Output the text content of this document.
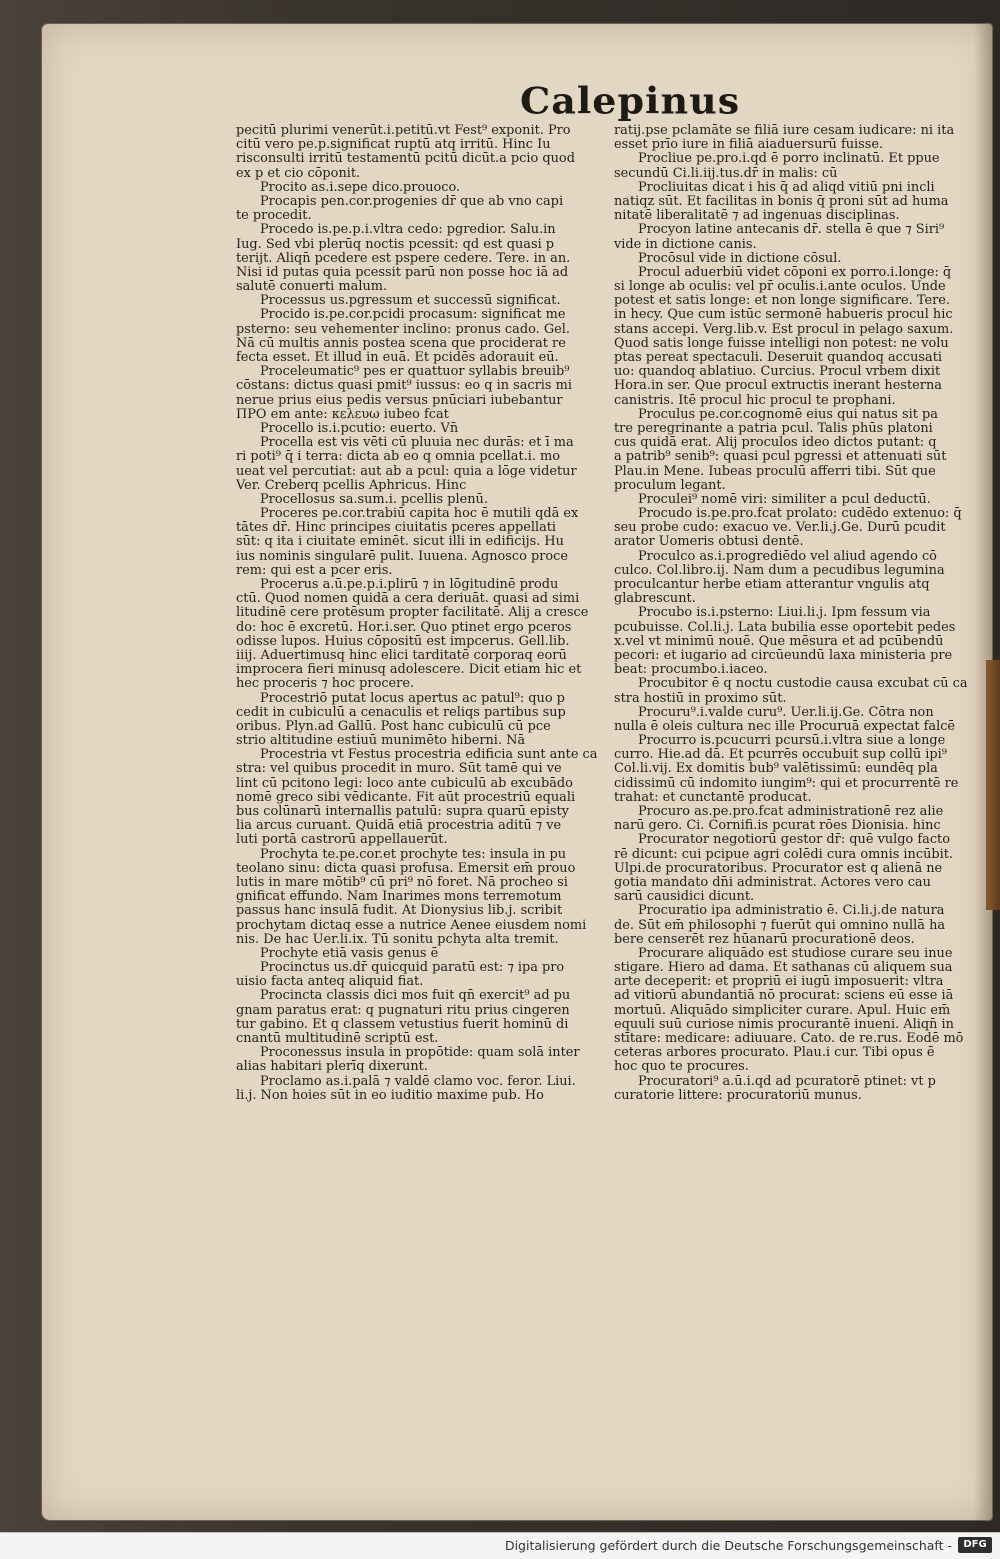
Calepinus
pecitū plurimi venerūt.i.petitū.vt Fest⁹ exponit. Pro
citū vero pe.p.significat ruptū atq irritū. Hinc Iu
risconsulti irritū testamentū pcitū dicūt.a pcio quod
ex p et cio cōponit.
Procito as.i.sepe dico.prouoco.
Procapis pen.cor.progenies dr̄ que ab vno capi
te procedit.
Procedo is.pe.p.i.vltra cedo: pgredior. Salu.in
Iug. Sed vbi plerūq noctis pcessit: qd̄ est quasi p
terijt. Aliqn̄ pcedere est pspere cedere. Tere. in an.
Nisi id putas quia pcessit parū non posse hoc iā ad
salutē conuerti malum.
Processus us.pgressum et successū significat.
Procido is.pe.cor.pcidi procasum: significat me
psterno: seu vehementer inclino: pronus cado. Gel.
Nā cū multis annis postea scena que prociderat re
fecta esset. Et illud in euā. Et pcidēs adorauit eū.
Proceleumatic⁹ pes er quattuor syllabis breuib⁹
cōstans: dictus quasi pmit⁹ iussus: eo q in sacris mi
nerue prius eius pedis versus pnūciari iubebantur
ΠΡΟ em ante: κελευω iubeo fcat
Procello is.i.pcutio: euerto. Vn̄
Procella est vis vēti cū pluuia nec durās: et ī ma
ri poti⁹ q̄ i terra: dicta ab eo q omnia pcellat.i. mo
ueat vel percutiat: aut ab a pcul: quia a lōge videtur
Ver. Creberq pcellis Aphricus. Hinc
Procellosus sa.sum.i. pcellis plenū.
Proceres pe.cor.trabiū capita hoc ē mutili qdā ex
tātes dr̄. Hinc principes ciuitatis pceres appellati
sūt: q ita i ciuitate eminēt. sicut illi in edificijs. Hu
ius nominis singularē pulit. Iuuena. Agnosco proce
rem: qui est a pcer eris.
Procerus a.ū.pe.p.i.plirū ⁊ in lōgitudinē produ
ctū. Quod nomen quidā a cera deriuāt. quasi ad simi
litudinē cere protēsum propter facilitatē. Alij a cresce
do: hoc ē excretū. Hor.i.ser. Quo ptinet ergo pceros
odisse lupos. Huius cōpositū est impcerus. Gell.lib.
iiij. Aduertimusq hinc elici tarditatē corporaq eorū
improcera fieri minusq adolescere. Dicit etiam hic et
hec proceris ⁊ hoc procere.
Procestriō putat locus apertus ac patul⁹: quo p
cedit in cubiculū a cenaculis et reliqs partibus sup
oribus. Plyn.ad Gallū. Post hanc cubiculū cū pce
strio altitudine estiuū munimēto hiberni. Nā
Procestria vt Festus procestria edificia sunt ante ca
stra: vel quibus procedit in muro. Sūt tamē qui ve
lint cū pcitono legi: loco ante cubiculū ab excubādo
nomē greco sibi vēdicante. Fit aūt procestriū equali
bus colūnarū internallis patulū: supra quarū episty
lia arcus curuant. Quidā etiā procestria aditū ⁊ ve
luti portā castrorū appellauerūt.
Prochyta te.pe.cor.et prochyte tes: insula in pu
teolano sinu: dicta quasi profusa. Emersit em̄ prouo
lutis in mare mōtib⁹ cū pri⁹ nō foret. Nā procheo si
gnificat effundo. Nam Inarimes mons terremotum
passus hanc insulā fudit. At Dionysius lib.j. scribit
prochytam dictaq esse a nutrice Aenee eiusdem nomi
nis. De hac Uer.li.ix. Tū sonitu pchyta alta tremit.
Prochyte etiā vasis genus ē
Procinctus us.dr̄ quicquid paratū est: ⁊ ipa pro
uisio facta anteq aliquid fiat.
Procincta classis dici mos fuit qn̄ exercit⁹ ad pu
gnam paratus erat: q pugnaturi ritu prius cingeren
tur gabino. Et q classem vetustius fuerit hominū di
cnantū multitudinē scriptū est.
Proconessus insula in propōtide: quam solā inter
alias habitari plerīq dixerunt.
Proclamo as.i.palā ⁊ valdē clamo voc. feror. Liui.
li.j. Non hoies sūt in eo iuditio maxime pub. Ho
ratij.pse pclamāte se filiā iure cesam iudicare: ni ita
esset prīo iure in filiā aiaduersurū fuisse.
Procliue pe.pro.i.qd̄ ē porro inclinatū. Et ppue
secundū Ci.li.iij.tus.dr̄ in malis: cū
Procliuitas dicat i his q̄ ad aliqd̄ vitiū pni incli
natiqz sūt. Et facilitas in bonis q̄ proni sūt ad huma
nitatē liberalitatē ⁊ ad ingenuas disciplinas.
Procyon latine antecanis dr̄. stella ē que ⁊ Siri⁹
vide in dictione canis.
Procōsul vide in dictione cōsul.
Procul aduerbiū videt cōponi ex porro.i.longe: q̄
si longe ab oculis: vel pr̄ oculis.i.ante oculos. Unde
potest et satis longe: et non longe significare. Tere.
in hecy. Que cum istūc sermonē habueris procul hic
stans accepi. Verg.lib.v. Est procul in pelago saxum.
Quod satis longe fuisse intelligi non potest: ne volu
ptas pereat spectaculi. Deseruit quandoq accusati
uo: quandoq ablatiuo. Curcius. Procul vrbem dixit
Hora.in ser. Que procul extructis inerant hesterna
canistris. Itē procul hic procul te prophani.
Proculus pe.cor.cognomē eius qui natus sit pa
tre peregrinante a patria pcul. Talis phūs platoni
cus quidā erat. Alij proculos ideo dictos putant: q
a patrib⁹ senib⁹: quasi pcul pgressi et attenuati sūt
Plau.in Mene. Iubeas proculū afferri tibi. Sūt que
proculum legant.
Proculei⁹ nomē viri: similiter a pcul deductū.
Procudo is.pe.pro.fcat prolato: cudēdo extenuo: q̄
seu probe cudo: exacuo ve. Ver.li.j.Ge. Durū pcudit
arator Uomeris obtusi dentē.
Proculco as.i.progrediēdo vel aliud agendo cō
culco. Col.libro.ij. Nam dum a pecudibus legumina
proculcantur herbe etiam atterantur vngulis atq
glabrescunt.
Procubo is.i.psterno: Liui.li.j. Ipm fessum via
pcubuisse. Col.li.j. Lata bubilia esse oportebit pedes
x.vel vt minimū nouē. Que mēsura et ad pcūbendū
pecori: et iugario ad circūeundū laxa ministeria pre
beat: procumbo.i.iaceo.
Procubitor ē q noctu custodie causa excubat cū ca
stra hostiū in proximo sūt.
Procuru⁹.i.valde curu⁹. Uer.li.ij.Ge. Cōtra non
nulla ē oleis cultura nec ille Procuruā expectat falcē
Procurro is.pcucurri pcursū.i.vltra siue a longe
curro. Hie.ad dā. Et pcurrēs occubuit sup collū ipi⁹
Col.li.vij. Ex domitis bub⁹ valētissimū: eundēq pla
cidissimū cū indomito iungim⁹: qui et procurrentē re
trahat: et cunctantē producat.
Procuro as.pe.pro.fcat administrationē rez alie
narū gero. Ci. Cornifi.is pcurat rōes Dionisia. hinc
Procurator negotiorū gestor dr̄: quē vulgo facto
rē dicunt: cui pcipue agri colēdi cura omnis incūbit.
Ulpi.de procuratoribus. Procurator est q alienā ne
gotia mandato dn̄i administrat. Actores vero cau
sarū causidici dicunt.
Procuratio ipa administratio ē. Ci.li.j.de natura
de. Sūt em̄ philosophi ⁊ fuerūt qui omnino nullā ha
bere censerēt rez hūanarū procurationē deos.
Procurare aliquādo est studiose curare seu inue
stigare. Hiero ad dama. Et sathanas cū aliquem sua
arte deceperit: et propriū ei iugū imposuerit: vltra
ad vitiorū abundantiā nō procurat: sciens eū esse iā
mortuū. Aliquādo simpliciter curare. Apul. Huic em̄
equuli suū curiose nimis procurantē inueni. Aliqn̄ in
stītare: medicare: adiuuare. Cato. de re.rus. Eodē mō
ceteras arbores procurato. Plau.i cur. Tibi opus ē
hoc quo te procures.
Procuratori⁹ a.ū.i.qd̄ ad pcuratorē ptinet: vt p
curatorie littere: procuratoriū munus.
Digitalisierung gefördert durch die Deutsche Forschungsgemeinschaft -	DFG
